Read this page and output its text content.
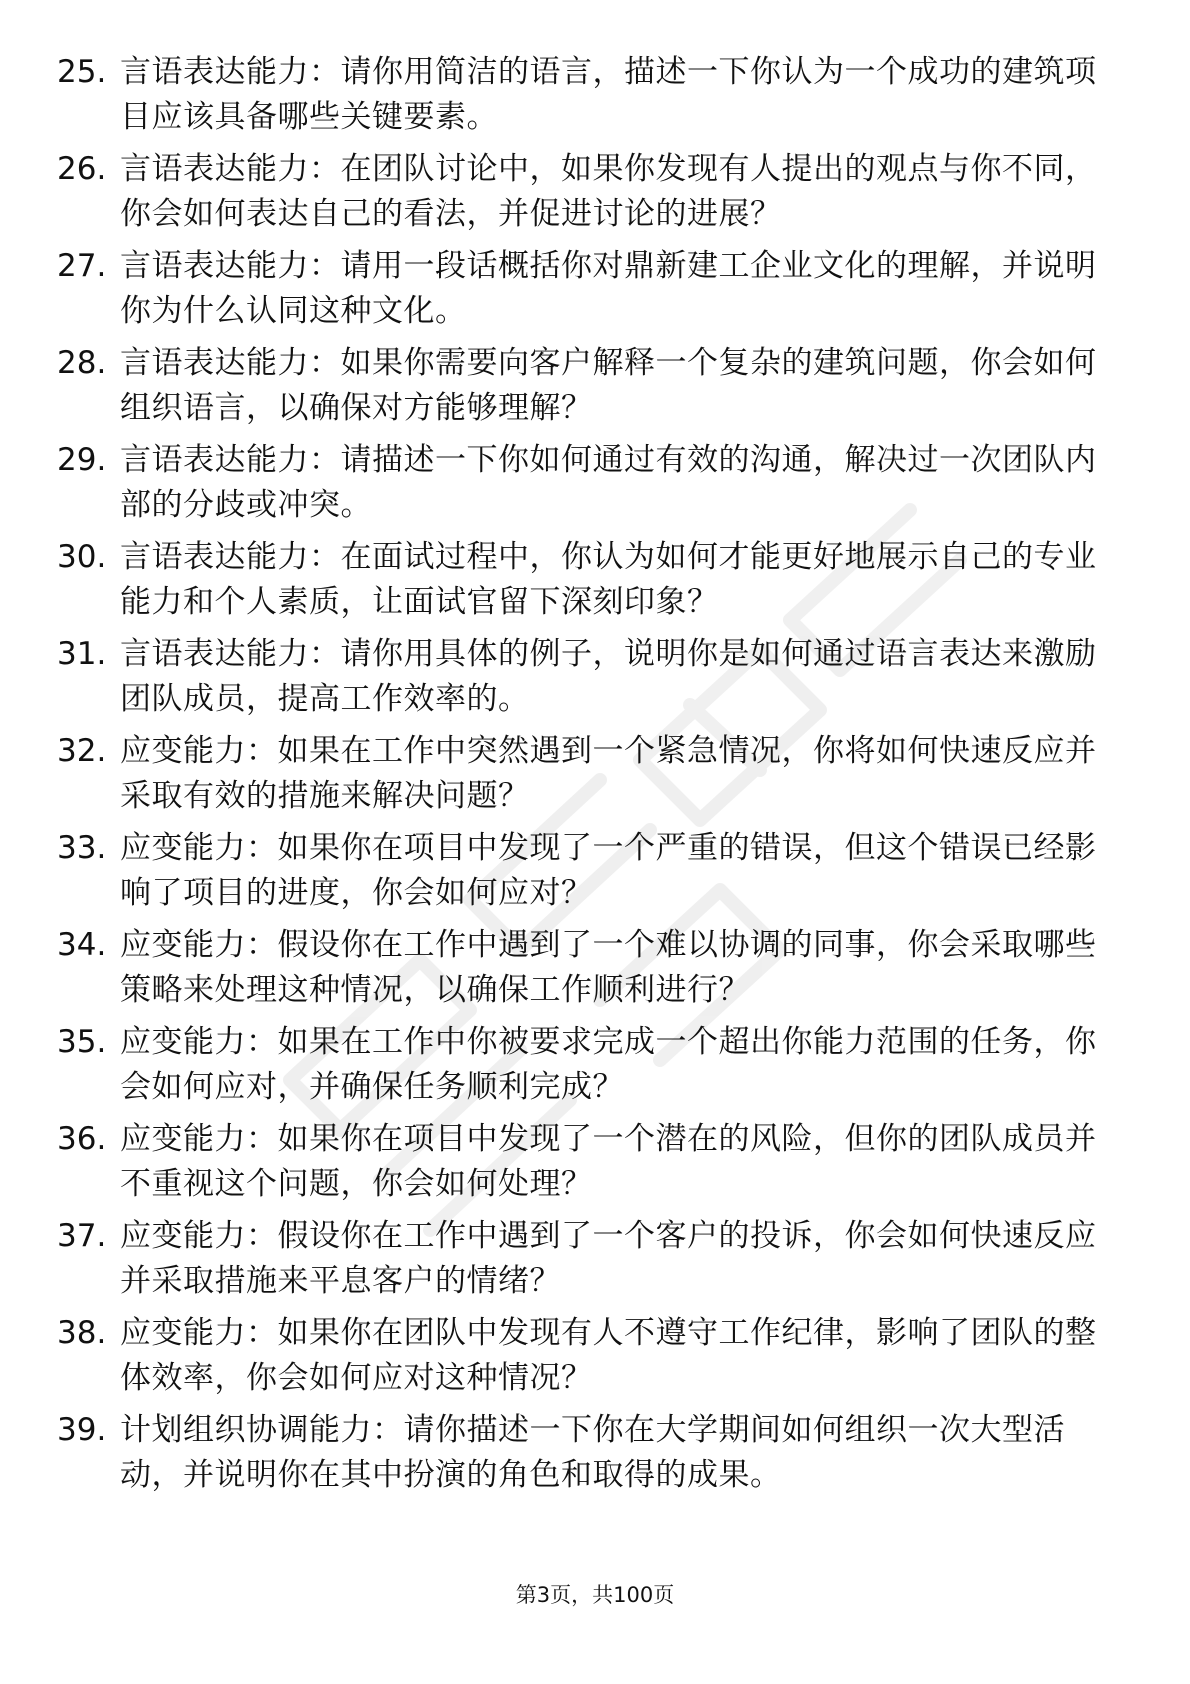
25. 言语表达能力：请你用简洁的语言，描述一下你认为一个成功的建筑项目应该具备哪些关键要素。
26. 言语表达能力：在团队讨论中，如果你发现有人提出的观点与你不同，你会如何表达自己的看法，并促进讨论的进展？
27. 言语表达能力：请用一段话概括你对鼎新建工企业文化的理解，并说明你为什么认同这种文化。
28. 言语表达能力：如果你需要向客户解释一个复杂的建筑问题，你会如何组织语言，以确保对方能够理解？
29. 言语表达能力：请描述一下你如何通过有效的沟通，解决过一次团队内部的分歧或冲突。
30. 言语表达能力：在面试过程中，你认为如何才能更好地展示自己的专业能力和个人素质，让面试官留下深刻印象？
31. 言语表达能力：请你用具体的例子，说明你是如何通过语言表达来激励团队成员，提高工作效率的。
32. 应变能力：如果在工作中突然遇到一个紧急情况，你将如何快速反应并采取有效的措施来解决问题？
33. 应变能力：如果你在项目中发现了一个严重的错误，但这个错误已经影响了项目的进度，你会如何应对？
34. 应变能力：假设你在工作中遇到了一个难以协调的同事，你会采取哪些策略来处理这种情况，以确保工作顺利进行？
35. 应变能力：如果在工作中你被要求完成一个超出你能力范围的任务，你会如何应对，并确保任务顺利完成？
36. 应变能力：如果你在项目中发现了一个潜在的风险，但你的团队成员并不重视这个问题，你会如何处理？
37. 应变能力：假设你在工作中遇到了一个客户的投诉，你会如何快速反应并采取措施来平息客户的情绪？
38. 应变能力：如果你在团队中发现有人不遵守工作纪律，影响了团队的整体效率，你会如何应对这种情况？
39. 计划组织协调能力：请你描述一下你在大学期间如何组织一次大型活动，并说明你在其中扮演的角色和取得的成果。
第3页，共100页
